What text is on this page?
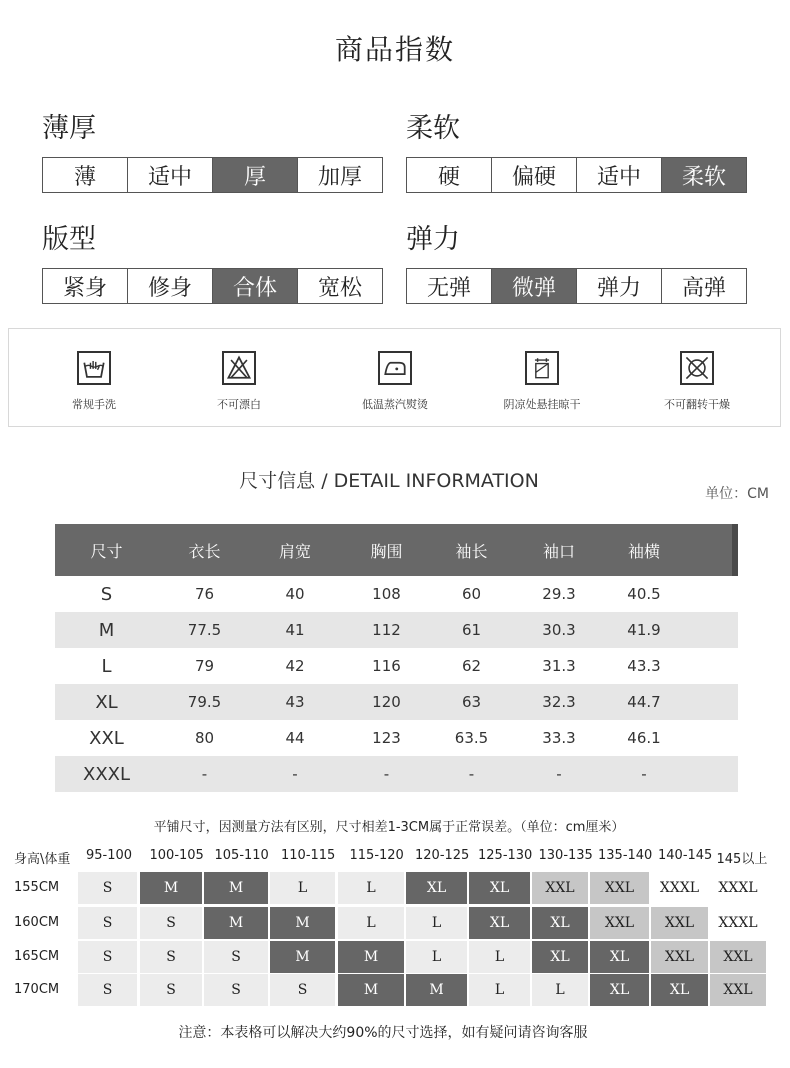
商品指数
薄厚
薄	适中	厚	加厚
柔软
硬	偏硬	适中	柔软
版型
紧身	修身	合体	宽松
弹力
无弹	微弹	弹力	高弹
常规手洗	不可漂白	低温蒸汽熨烫	阴凉处悬挂晾干	不可翻转干燥
尺寸信息 / DETAIL INFORMATION
单位：CM
尺寸	衣长	肩宽	胸围	袖长	袖口	袖横
S	76	40	108	60	29.3	40.5
M	77.5	41	112	61	30.3	41.9
L	79	42	116	62	31.3	43.3
XL	79.5	43	120	63	32.3	44.7
XXL	80	44	123	63.5	33.3	46.1
XXXL	-	-	-	-	-	-
平铺尺寸，因测量方法有区别，尺寸相差1-3CM属于正常误差。（单位：cm厘米）
身高\体重 95-100 100-105 105-110 110-115 115-120 120-125 125-130 130-135 135-140 140-145 145以上
155CM	S	M	M	L	L	XL	XL	XXL	XXL	XXXL	XXXL
160CM	S	S	M	M	L	L	XL	XL	XXL	XXL	XXXL
165CM	S	S	S	M	M	L	L	XL	XL	XXL	XXL
170CM	S	S	S	S	M	M	L	L	XL	XL	XXL
注意：本表格可以解决大约90%的尺寸选择，如有疑问请咨询客服
